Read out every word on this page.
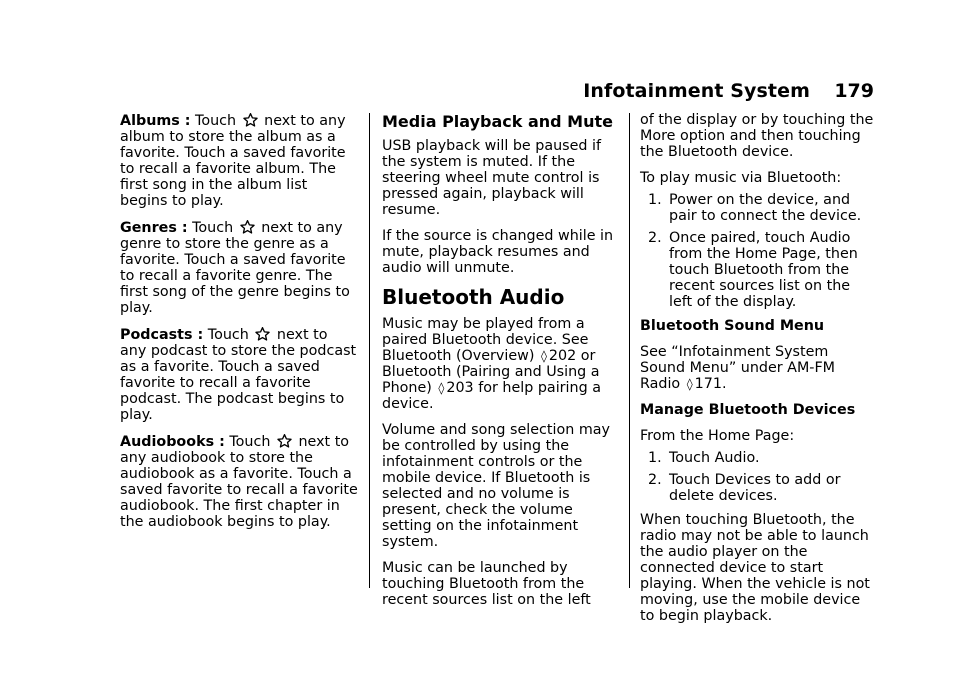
Infotainment System 179

Albums : Touch next to any album to store the album as a favorite. Touch a saved favorite to recall a favorite album. The first song in the album list begins to play.

Genres : Touch next to any genre to store the genre as a favorite. Touch a saved favorite to recall a favorite genre. The first song of the genre begins to play.

Podcasts : Touch next to any podcast to store the podcast as a favorite. Touch a saved favorite to recall a favorite podcast. The podcast begins to play.

Audiobooks : Touch next to any audiobook to store the audiobook as a favorite. Touch a saved favorite to recall a favorite audiobook. The first chapter in the audiobook begins to play.

Media Playback and Mute

USB playback will be paused if the system is muted. If the steering wheel mute control is pressed again, playback will resume.

If the source is changed while in mute, playback resumes and audio will unmute.

Bluetooth Audio

Music may be played from a paired Bluetooth device. See Bluetooth (Overview) ◊ 202 or Bluetooth (Pairing and Using a Phone) ◊ 203 for help pairing a device.

Volume and song selection may be controlled by using the infotainment controls or the mobile device. If Bluetooth is selected and no volume is present, check the volume setting on the infotainment system.

Music can be launched by touching Bluetooth from the recent sources list on the left

of the display or by touching the More option and then touching the Bluetooth device.

To play music via Bluetooth:

1. Power on the device, and pair to connect the device.
2. Once paired, touch Audio from the Home Page, then touch Bluetooth from the recent sources list on the left of the display.
Bluetooth Sound Menu

See “Infotainment System Sound Menu” under AM-FM Radio ◊ 171.

Manage Bluetooth Devices

From the Home Page:

1. Touch Audio.
2. Touch Devices to add or delete devices.

When touching Bluetooth, the radio may not be able to launch the audio player on the connected device to start playing. When the vehicle is not moving, use the mobile device to begin playback.
